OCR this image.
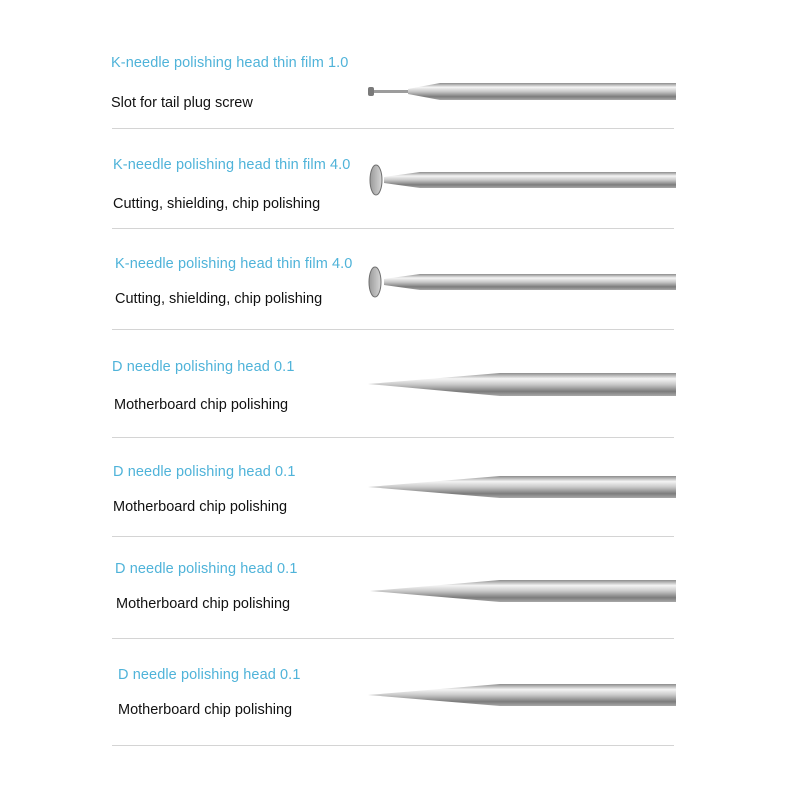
K-needle polishing head thin film 1.0
Slot for tail plug screw
K-needle polishing head thin film 4.0
Cutting, shielding, chip polishing
K-needle polishing head thin film 4.0
Cutting, shielding, chip polishing
D needle polishing head 0.1
Motherboard chip polishing
D needle polishing head 0.1
Motherboard chip polishing
D needle polishing head 0.1
Motherboard chip polishing
D needle polishing head 0.1
Motherboard chip polishing
